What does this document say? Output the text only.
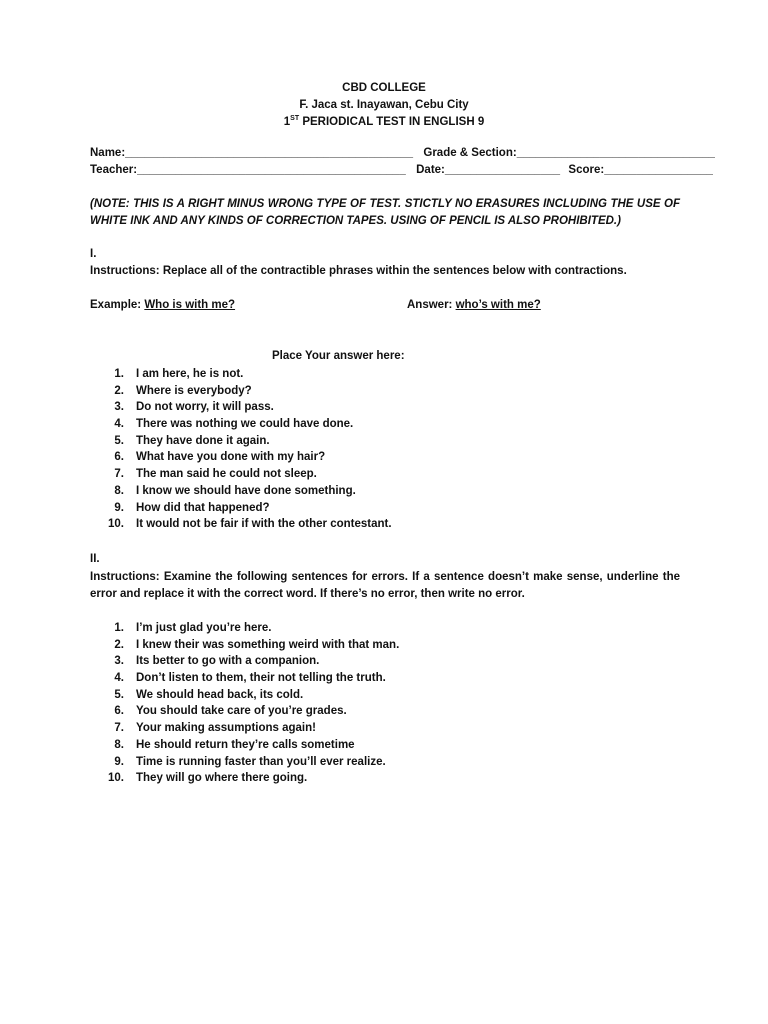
CBD COLLEGE
F. Jaca st. Inayawan, Cebu City
1ST PERIODICAL TEST IN ENGLISH 9
Name:_____________________________________________ Grade & Section:_______________________________
Teacher:__________________________________________ Date:__________________ Score:_________________
(NOTE: THIS IS A RIGHT MINUS WRONG TYPE OF TEST. STICTLY NO ERASURES INCLUDING THE USE OF WHITE INK AND ANY KINDS OF CORRECTION TAPES. USING OF PENCIL IS ALSO PROHIBITED.)
I.
Instructions: Replace all of the contractible phrases within the sentences below with contractions.
Example: Who is with me?	Answer: who’s with me?
Place Your answer here:
1. I am here, he is not.
2. Where is everybody?
3. Do not worry, it will pass.
4. There was nothing we could have done.
5. They have done it again.
6. What have you done with my hair?
7. The man said he could not sleep.
8. I know we should have done something.
9. How did that happened?
10. It would not be fair if with the other contestant.
II.
Instructions: Examine the following sentences for errors. If a sentence doesn’t make sense, underline the error and replace it with the correct word. If there’s no error, then write no error.
1. I’m just glad you’re here.
2. I knew their was something weird with that man.
3. Its better to go with a companion.
4. Don’t listen to them, their not telling the truth.
5. We should head back, its cold.
6. You should take care of you’re grades.
7. Your making assumptions again!
8. He should return they’re calls sometime
9. Time is running faster than you’ll ever realize.
10. They will go where there going.
